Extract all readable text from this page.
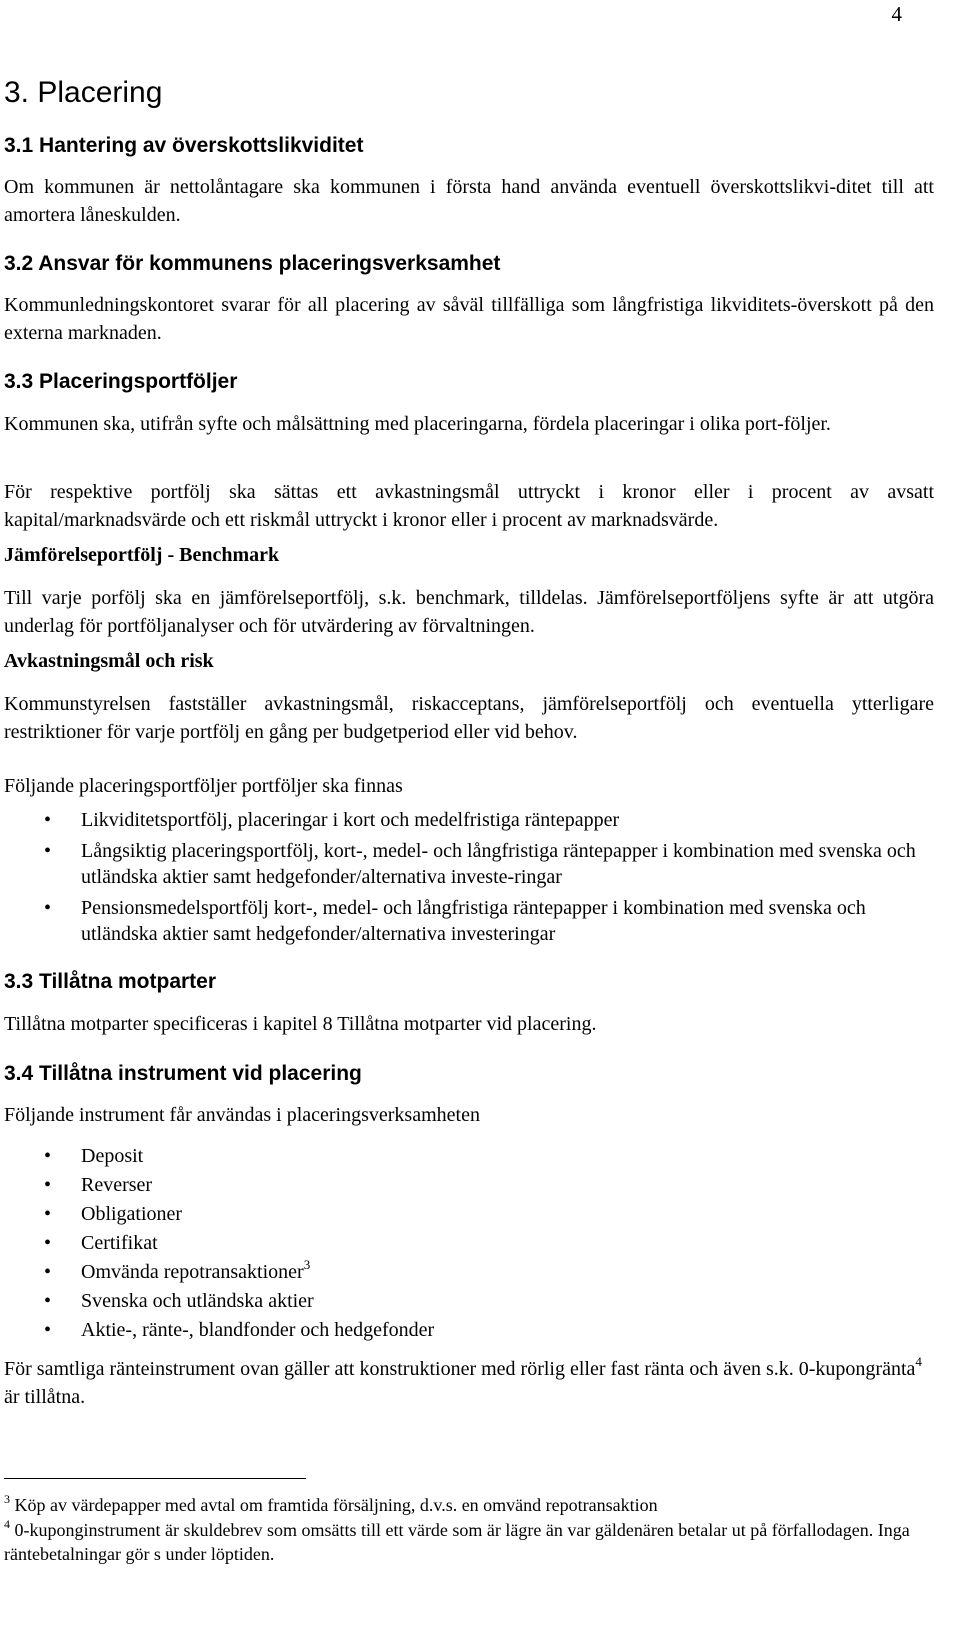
4
3. Placering
3.1 Hantering av överskottslikviditet

Om kommunen är nettolåntagare ska kommunen i första hand använda eventuell överskottslikvi-ditet till att amortera låneskulden.

3.2 Ansvar för kommunens placeringsverksamhet

Kommunledningskontoret svarar för all placering av såväl tillfälliga som långfristiga likviditets-överskott på den externa marknaden.

3.3 Placeringsportföljer

Kommunen ska, utifrån syfte och målsättning med placeringarna, fördela placeringar i olika port-följer.

För respektive portfölj ska sättas ett avkastningsmål uttryckt i kronor eller i procent av avsatt kapital/marknadsvärde och ett riskmål uttryckt i kronor eller i procent av marknadsvärde.

Jämförelseportfölj - Benchmark

Till varje porfölj ska en jämförelseportfölj, s.k. benchmark, tilldelas. Jämförelseportföljens syfte är att utgöra underlag för portföljanalyser och för utvärdering av förvaltningen.

Avkastningsmål och risk

Kommunstyrelsen fastställer avkastningsmål, riskacceptans, jämförelseportfölj och eventuella ytterligare restriktioner för varje portfölj en gång per budgetperiod eller vid behov.

Följande placeringsportföljer portföljer ska finnas

• Likviditetsportfölj, placeringar i kort och medelfristiga räntepapper
• Långsiktig placeringsportfölj, kort-, medel- och långfristiga räntepapper i kombination med svenska och utländska aktier samt hedgefonder/alternativa investe-ringar
• Pensionsmedelsportfölj kort-, medel- och långfristiga räntepapper i kombination med svenska och utländska aktier samt hedgefonder/alternativa investeringar
3.3 Tillåtna motparter

Tillåtna motparter specificeras i kapitel 8 Tillåtna motparter vid placering.

3.4 Tillåtna instrument vid placering

Följande instrument får användas i placeringsverksamheten

• Deposit
• Reverser
• Obligationer
• Certifikat
• Omvända repotransaktioner$^3$
• Svenska och utländska aktier
• Aktie-, ränte-, blandfonder och hedgefonder

För samtliga ränteinstrument ovan gäller att konstruktioner med rörlig eller fast ränta och även s.k. 0-kupongränta$^4$ är tillåtna.

$^3$ Köp av värdepapper med avtal om framtida försäljning, d.v.s. en omvänd repotransaktion

$^4$ 0-kuponginstrument är skuldebrev som omsätts till ett värde som är lägre än var gäldenären betalar ut på förfallodagen. Inga räntebetalningar gör s under löptiden.
